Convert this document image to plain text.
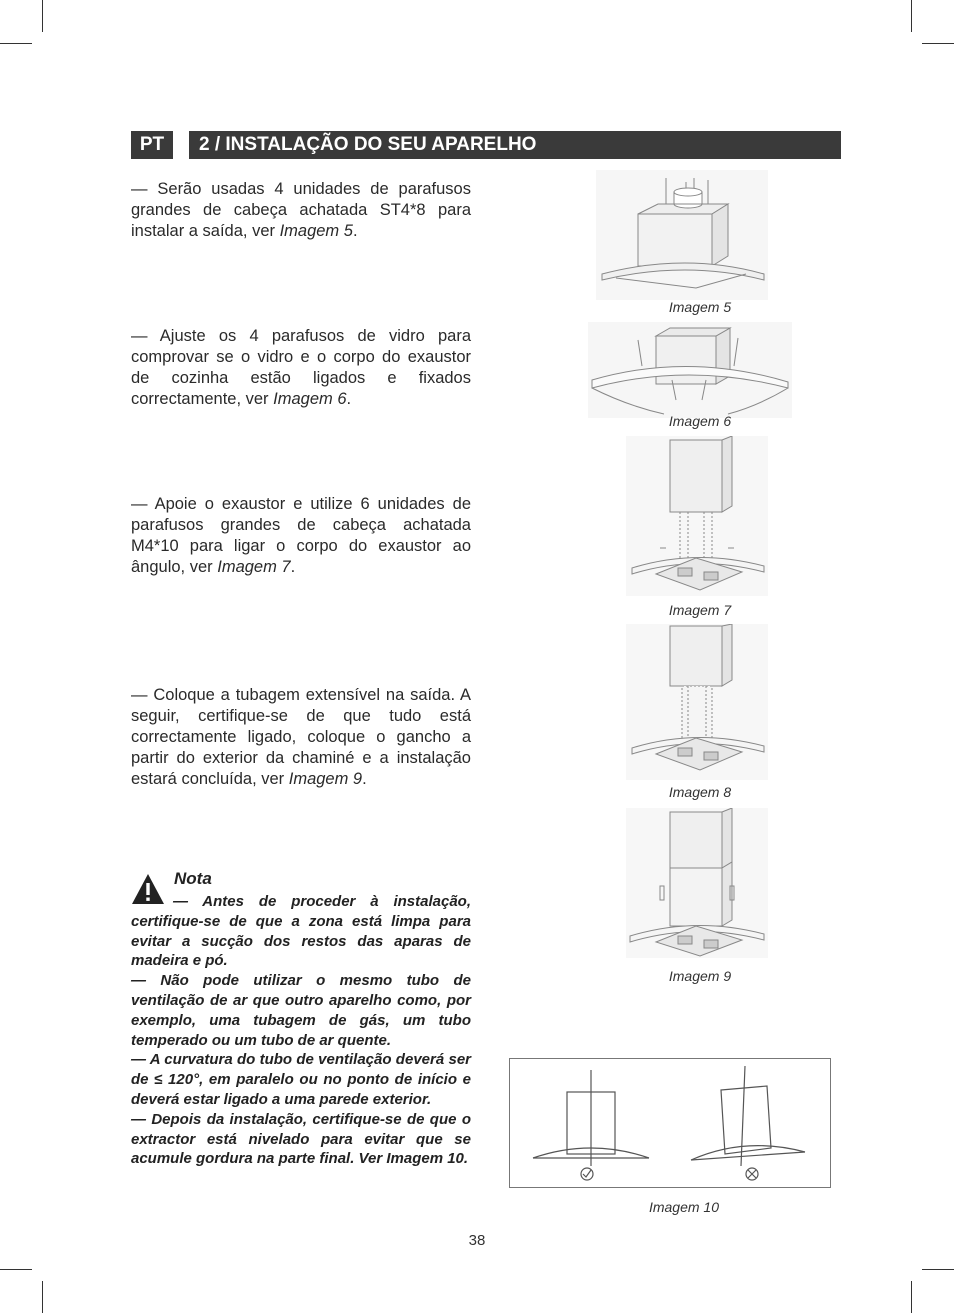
PT	2 / INSTALAÇÃO DO SEU APARELHO
— Serão usadas 4 unidades de parafusos grandes de cabeça achatada ST4*8 para instalar a saída, ver Imagem 5.
— Ajuste os 4 parafusos de vidro para comprovar se o vidro e o corpo do exaustor de cozinha estão ligados e fixados correctamente, ver Imagem 6.
— Apoie o exaustor e utilize 6 unidades de parafusos grandes de cabeça achatada M4*10 para ligar o corpo do exaustor ao ângulo, ver Imagem 7.
— Coloque a tubagem extensível na saída. A seguir, certifique-se de que tudo está correctamente ligado, coloque o gancho a partir do exterior da chaminé e a instalação estará concluída, ver Imagem 9.
Nota

— Antes de proceder à instalação, certifique-se de que a zona está limpa para evitar a sucção dos restos das aparas de madeira e pó.

— Não pode utilizar o mesmo tubo de ventilação de ar que outro aparelho como, por exemplo, uma tubagem de gás, um tubo temperado ou um tubo de ar quente.

— A curvatura do tubo de ventilação deverá ser de ≤ 120°, em paralelo ou no ponto de início e deverá estar ligado a uma parede exterior.

— Depois da instalação, certifique-se de que o extractor está nivelado para evitar que se acumule gordura na parte final. Ver Imagem 10.

Imagem 5
Imagem 6
Imagem 7
Imagem 8
Imagem 9
Imagem 10
38
